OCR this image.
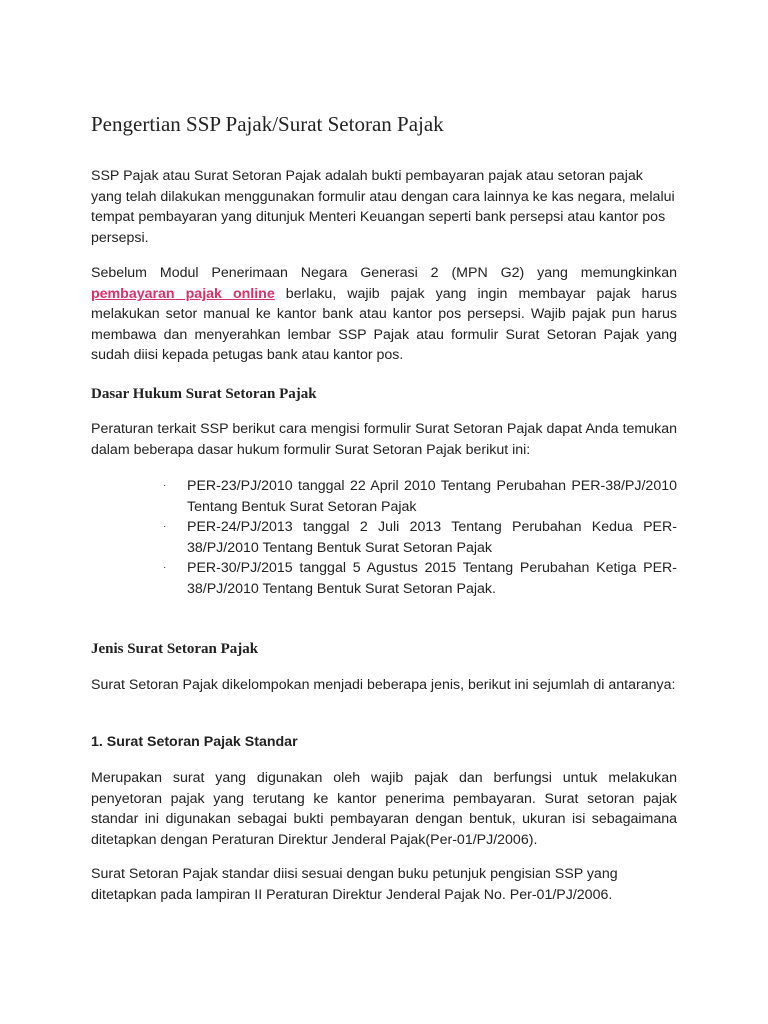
Pengertian SSP Pajak/Surat Setoran Pajak

SSP Pajak atau Surat Setoran Pajak adalah bukti pembayaran pajak atau setoran pajak yang telah dilakukan menggunakan formulir atau dengan cara lainnya ke kas negara, melalui tempat pembayaran yang ditunjuk Menteri Keuangan seperti bank persepsi atau kantor pos persepsi.

Sebelum Modul Penerimaan Negara Generasi 2 (MPN G2) yang memungkinkan pembayaran pajak online berlaku, wajib pajak yang ingin membayar pajak harus melakukan setor manual ke kantor bank atau kantor pos persepsi. Wajib pajak pun harus membawa dan menyerahkan lembar SSP Pajak atau formulir Surat Setoran Pajak yang sudah diisi kepada petugas bank atau kantor pos.

Dasar Hukum Surat Setoran Pajak

Peraturan terkait SSP berikut cara mengisi formulir Surat Setoran Pajak dapat Anda temukan dalam beberapa dasar hukum formulir Surat Setoran Pajak berikut ini:

· PER-23/PJ/2010 tanggal 22 April 2010 Tentang Perubahan PER-38/PJ/2010 Tentang Bentuk Surat Setoran Pajak
· PER-24/PJ/2013 tanggal 2 Juli 2013 Tentang Perubahan Kedua PER-38/PJ/2010 Tentang Bentuk Surat Setoran Pajak
· PER-30/PJ/2015 tanggal 5 Agustus 2015 Tentang Perubahan Ketiga PER-38/PJ/2010 Tentang Bentuk Surat Setoran Pajak.
Jenis Surat Setoran Pajak

Surat Setoran Pajak dikelompokan menjadi beberapa jenis, berikut ini sejumlah di antaranya:

1. Surat Setoran Pajak Standar

Merupakan surat yang digunakan oleh wajib pajak dan berfungsi untuk melakukan penyetoran pajak yang terutang ke kantor penerima pembayaran. Surat setoran pajak standar ini digunakan sebagai bukti pembayaran dengan bentuk, ukuran isi sebagaimana ditetapkan dengan Peraturan Direktur Jenderal Pajak(Per-01/PJ/2006).

Surat Setoran Pajak standar diisi sesuai dengan buku petunjuk pengisian SSP yang ditetapkan pada lampiran II Peraturan Direktur Jenderal Pajak No. Per-01/PJ/2006.
